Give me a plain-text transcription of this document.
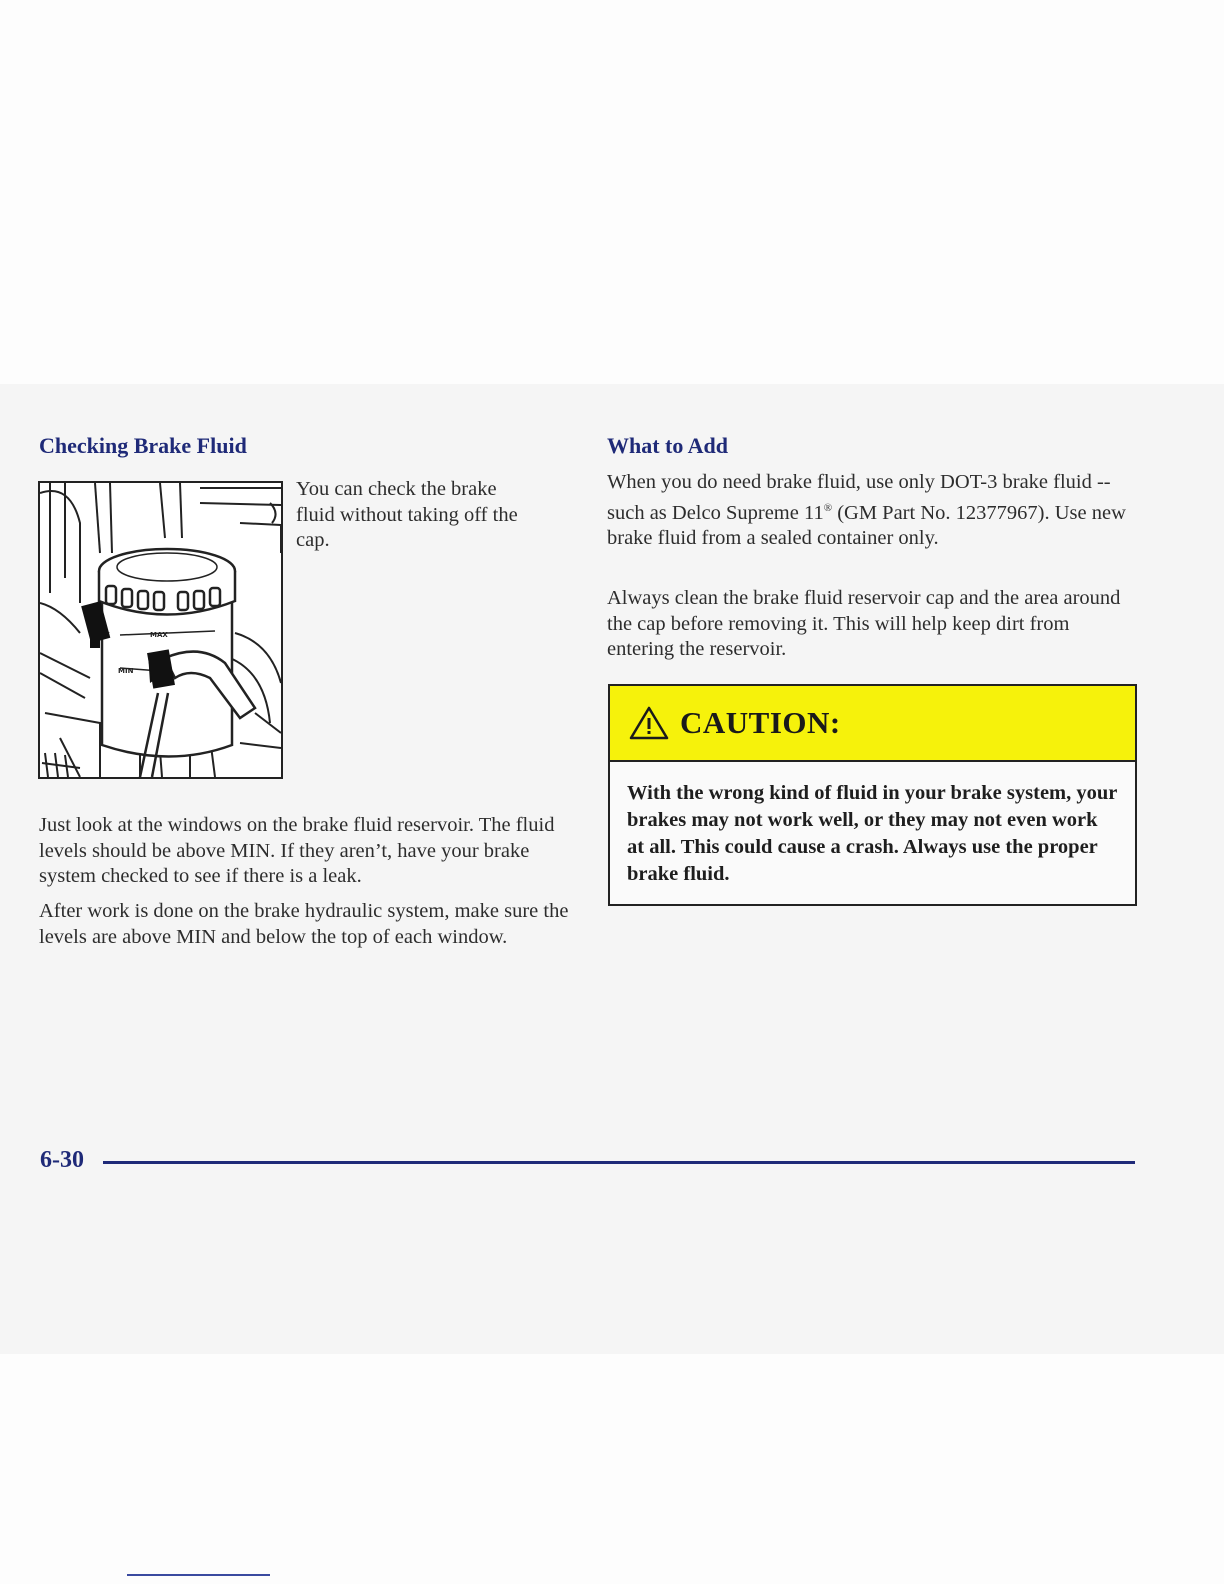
Checking Brake Fluid
MAX
MIN

You can check the brake fluid without taking off the cap.

Just look at the windows on the brake fluid reservoir. The fluid levels should be above MIN. If they aren’t, have your brake system checked to see if there is a leak.

After work is done on the brake hydraulic system, make sure the levels are above MIN and below the top of each window.

What to Add

When you do need brake fluid, use only DOT-3 brake fluid -- such as Delco Supreme 11® (GM Part No. 12377967). Use new brake fluid from a sealed container only.

Always clean the brake fluid reservoir cap and the area around the cap before removing it. This will help keep dirt from entering the reservoir.

CAUTION:
With the wrong kind of fluid in your brake system, your brakes may not work well, or they may not even work at all. This could cause a crash. Always use the proper brake fluid.

6-30
